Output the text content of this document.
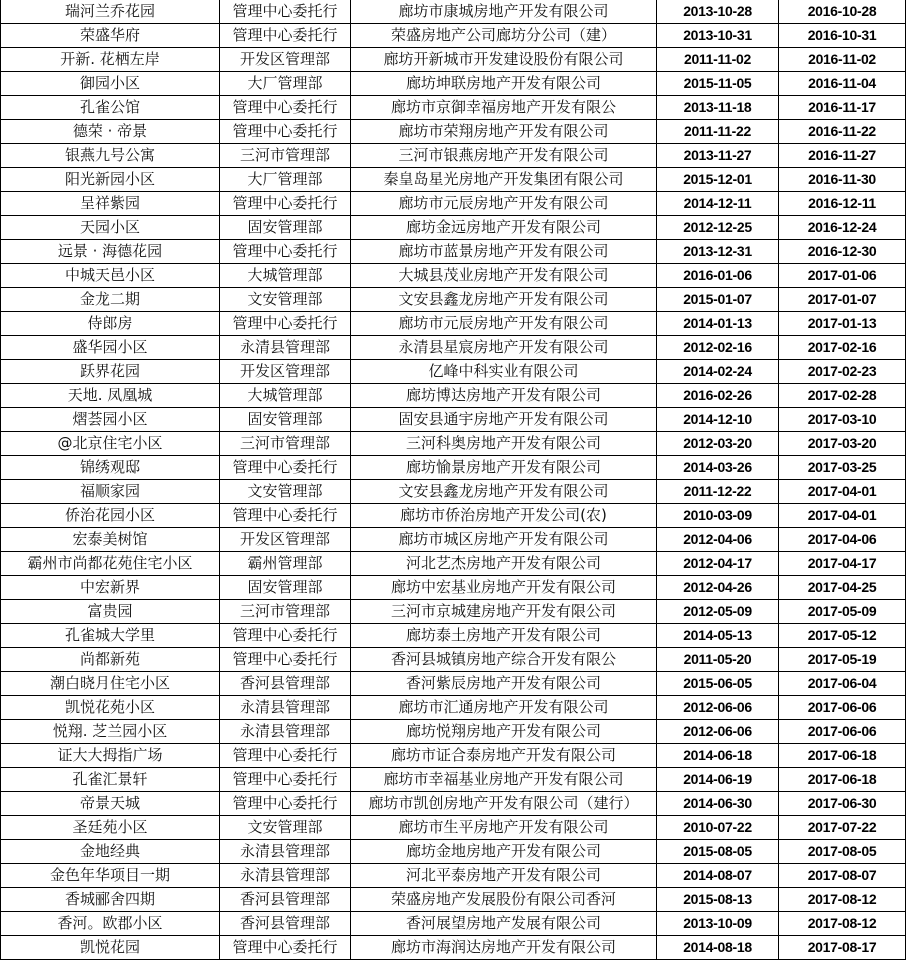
瑞河兰乔花园	管理中心委托行	廊坊市康城房地产开发有限公司	2013-10-28	2016-10-28
荣盛华府	管理中心委托行	荣盛房地产公司廊坊分公司（建）	2013-10-31	2016-10-31
开新. 花栖左岸	开发区管理部	廊坊开新城市开发建设股份有限公司	2011-11-02	2016-11-02
御园小区	大厂管理部	廊坊坤联房地产开发有限公司	2015-11-05	2016-11-04
孔雀公馆	管理中心委托行	廊坊市京御幸福房地产开发有限公	2013-11-18	2016-11-17
德荣 · 帝景	管理中心委托行	廊坊市荣翔房地产开发有限公司	2011-11-22	2016-11-22
银燕九号公寓	三河市管理部	三河市银燕房地产开发有限公司	2013-11-27	2016-11-27
阳光新园小区	大厂管理部	秦皇岛星光房地产开发集团有限公司	2015-12-01	2016-11-30
呈祥紫园	管理中心委托行	廊坊市元辰房地产开发有限公司	2014-12-11	2016-12-11
天园小区	固安管理部	廊坊金远房地产开发有限公司	2012-12-25	2016-12-24
远景 · 海德花园	管理中心委托行	廊坊市蓝景房地产开发有限公司	2013-12-31	2016-12-30
中城天邑小区	大城管理部	大城县茂业房地产开发有限公司	2016-01-06	2017-01-06
金龙二期	文安管理部	文安县鑫龙房地产开发有限公司	2015-01-07	2017-01-07
侍郎房	管理中心委托行	廊坊市元辰房地产开发有限公司	2014-01-13	2017-01-13
盛华园小区	永清县管理部	永清县星宸房地产开发有限公司	2012-02-16	2017-02-16
跃界花园	开发区管理部	亿峰中科实业有限公司	2014-02-24	2017-02-23
天地. 凤凰城	大城管理部	廊坊博达房地产开发有限公司	2016-02-26	2017-02-28
熠荟园小区	固安管理部	固安县通宇房地产开发有限公司	2014-12-10	2017-03-10
@北京住宅小区	三河市管理部	三河科奥房地产开发有限公司	2012-03-20	2017-03-20
锦绣观邸	管理中心委托行	廊坊愉景房地产开发有限公司	2014-03-26	2017-03-25
福顺家园	文安管理部	文安县鑫龙房地产开发有限公司	2011-12-22	2017-04-01
侨治花园小区	管理中心委托行	廊坊市侨治房地产开发公司(农)	2010-03-09	2017-04-01
宏泰美树馆	开发区管理部	廊坊市城区房地产开发有限公司	2012-04-06	2017-04-06
霸州市尚都花苑住宅小区	霸州管理部	河北艺杰房地产开发有限公司	2012-04-17	2017-04-17
中宏新界	固安管理部	廊坊中宏基业房地产开发有限公司	2012-04-26	2017-04-25
富贵园	三河市管理部	三河市京城建房地产开发有限公司	2012-05-09	2017-05-09
孔雀城大学里	管理中心委托行	廊坊泰土房地产开发有限公司	2014-05-13	2017-05-12
尚都新苑	管理中心委托行	香河县城镇房地产综合开发有限公	2011-05-20	2017-05-19
潮白晓月住宅小区	香河县管理部	香河紫辰房地产开发有限公司	2015-06-05	2017-06-04
凯悦花苑小区	永清县管理部	廊坊市汇通房地产开发有限公司	2012-06-06	2017-06-06
悦翔. 芝兰园小区	永清县管理部	廊坊悦翔房地产开发有限公司	2012-06-06	2017-06-06
证大大拇指广场	管理中心委托行	廊坊市证合泰房地产开发有限公司	2014-06-18	2017-06-18
孔雀汇景轩	管理中心委托行	廊坊市幸福基业房地产开发有限公司	2014-06-19	2017-06-18
帝景天城	管理中心委托行	廊坊市凯创房地产开发有限公司（建行）	2014-06-30	2017-06-30
圣廷苑小区	文安管理部	廊坊市生平房地产开发有限公司	2010-07-22	2017-07-22
金地经典	永清县管理部	廊坊金地房地产开发有限公司	2015-08-05	2017-08-05
金色年华项目一期	永清县管理部	河北平泰房地产开发有限公司	2014-08-07	2017-08-07
香城郦舍四期	香河县管理部	荣盛房地产发展股份有限公司香河	2015-08-13	2017-08-12
香河。欧郡小区	香河县管理部	香河展望房地产发展有限公司	2013-10-09	2017-08-12
凯悦花园	管理中心委托行	廊坊市海润达房地产开发有限公司	2014-08-18	2017-08-17
